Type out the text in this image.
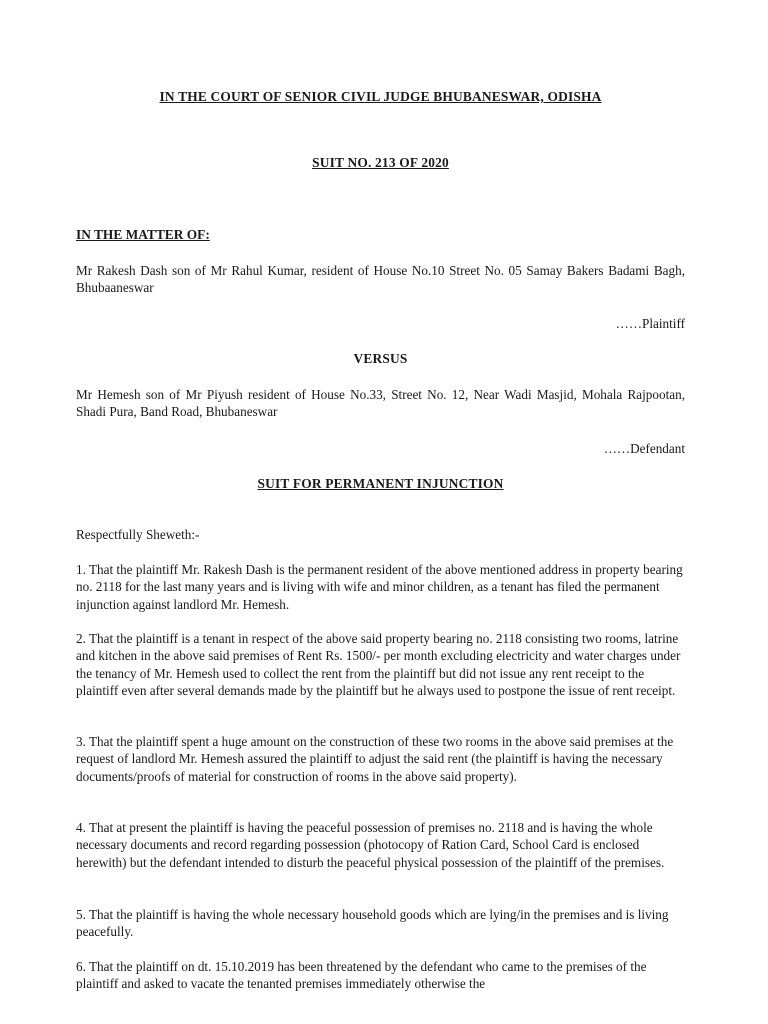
IN THE COURT OF SENIOR CIVIL JUDGE BHUBANESWAR, ODISHA
SUIT NO. 213 OF 2020
IN THE MATTER OF:
Mr Rakesh Dash son of Mr Rahul Kumar, resident of House No.10 Street No. 05 Samay Bakers Badami Bagh, Bhubaaneswar
……Plaintiff
VERSUS
Mr Hemesh son of Mr Piyush resident of House No.33, Street No. 12, Near Wadi Masjid, Mohala Rajpootan, Shadi Pura, Band Road, Bhubaneswar
……Defendant
SUIT FOR PERMANENT INJUNCTION
Respectfully Sheweth:-
1. That the plaintiff Mr. Rakesh Dash is the permanent resident of the above mentioned address in property bearing no. 2118 for the last many years and is living with wife and minor children, as a tenant has filed the permanent injunction against landlord Mr. Hemesh.
2. That the plaintiff is a tenant in respect of the above said property bearing no. 2118 consisting two rooms, latrine and kitchen in the above said premises of Rent Rs. 1500/- per month excluding electricity and water charges under the tenancy of Mr. Hemesh used to collect the rent from the plaintiff but did not issue any rent receipt to the plaintiff even after several demands made by the plaintiff but he always used to postpone the issue of rent receipt.
3. That the plaintiff spent a huge amount on the construction of these two rooms in the above said premises at the request of landlord Mr. Hemesh assured the plaintiff to adjust the said rent (the plaintiff is having the necessary documents/proofs of material for construction of rooms in the above said property).
4. That at present the plaintiff is having the peaceful possession of premises no. 2118 and is having the whole necessary documents and record regarding possession (photocopy of Ration Card, School Card is enclosed herewith) but the defendant intended to disturb the peaceful physical possession of the plaintiff of the premises.
5. That the plaintiff is having the whole necessary household goods which are lying/in the premises and is living peacefully.
6. That the plaintiff on dt. 15.10.2019 has been threatened by the defendant who came to the premises of the plaintiff and asked to vacate the tenanted premises immediately otherwise the
